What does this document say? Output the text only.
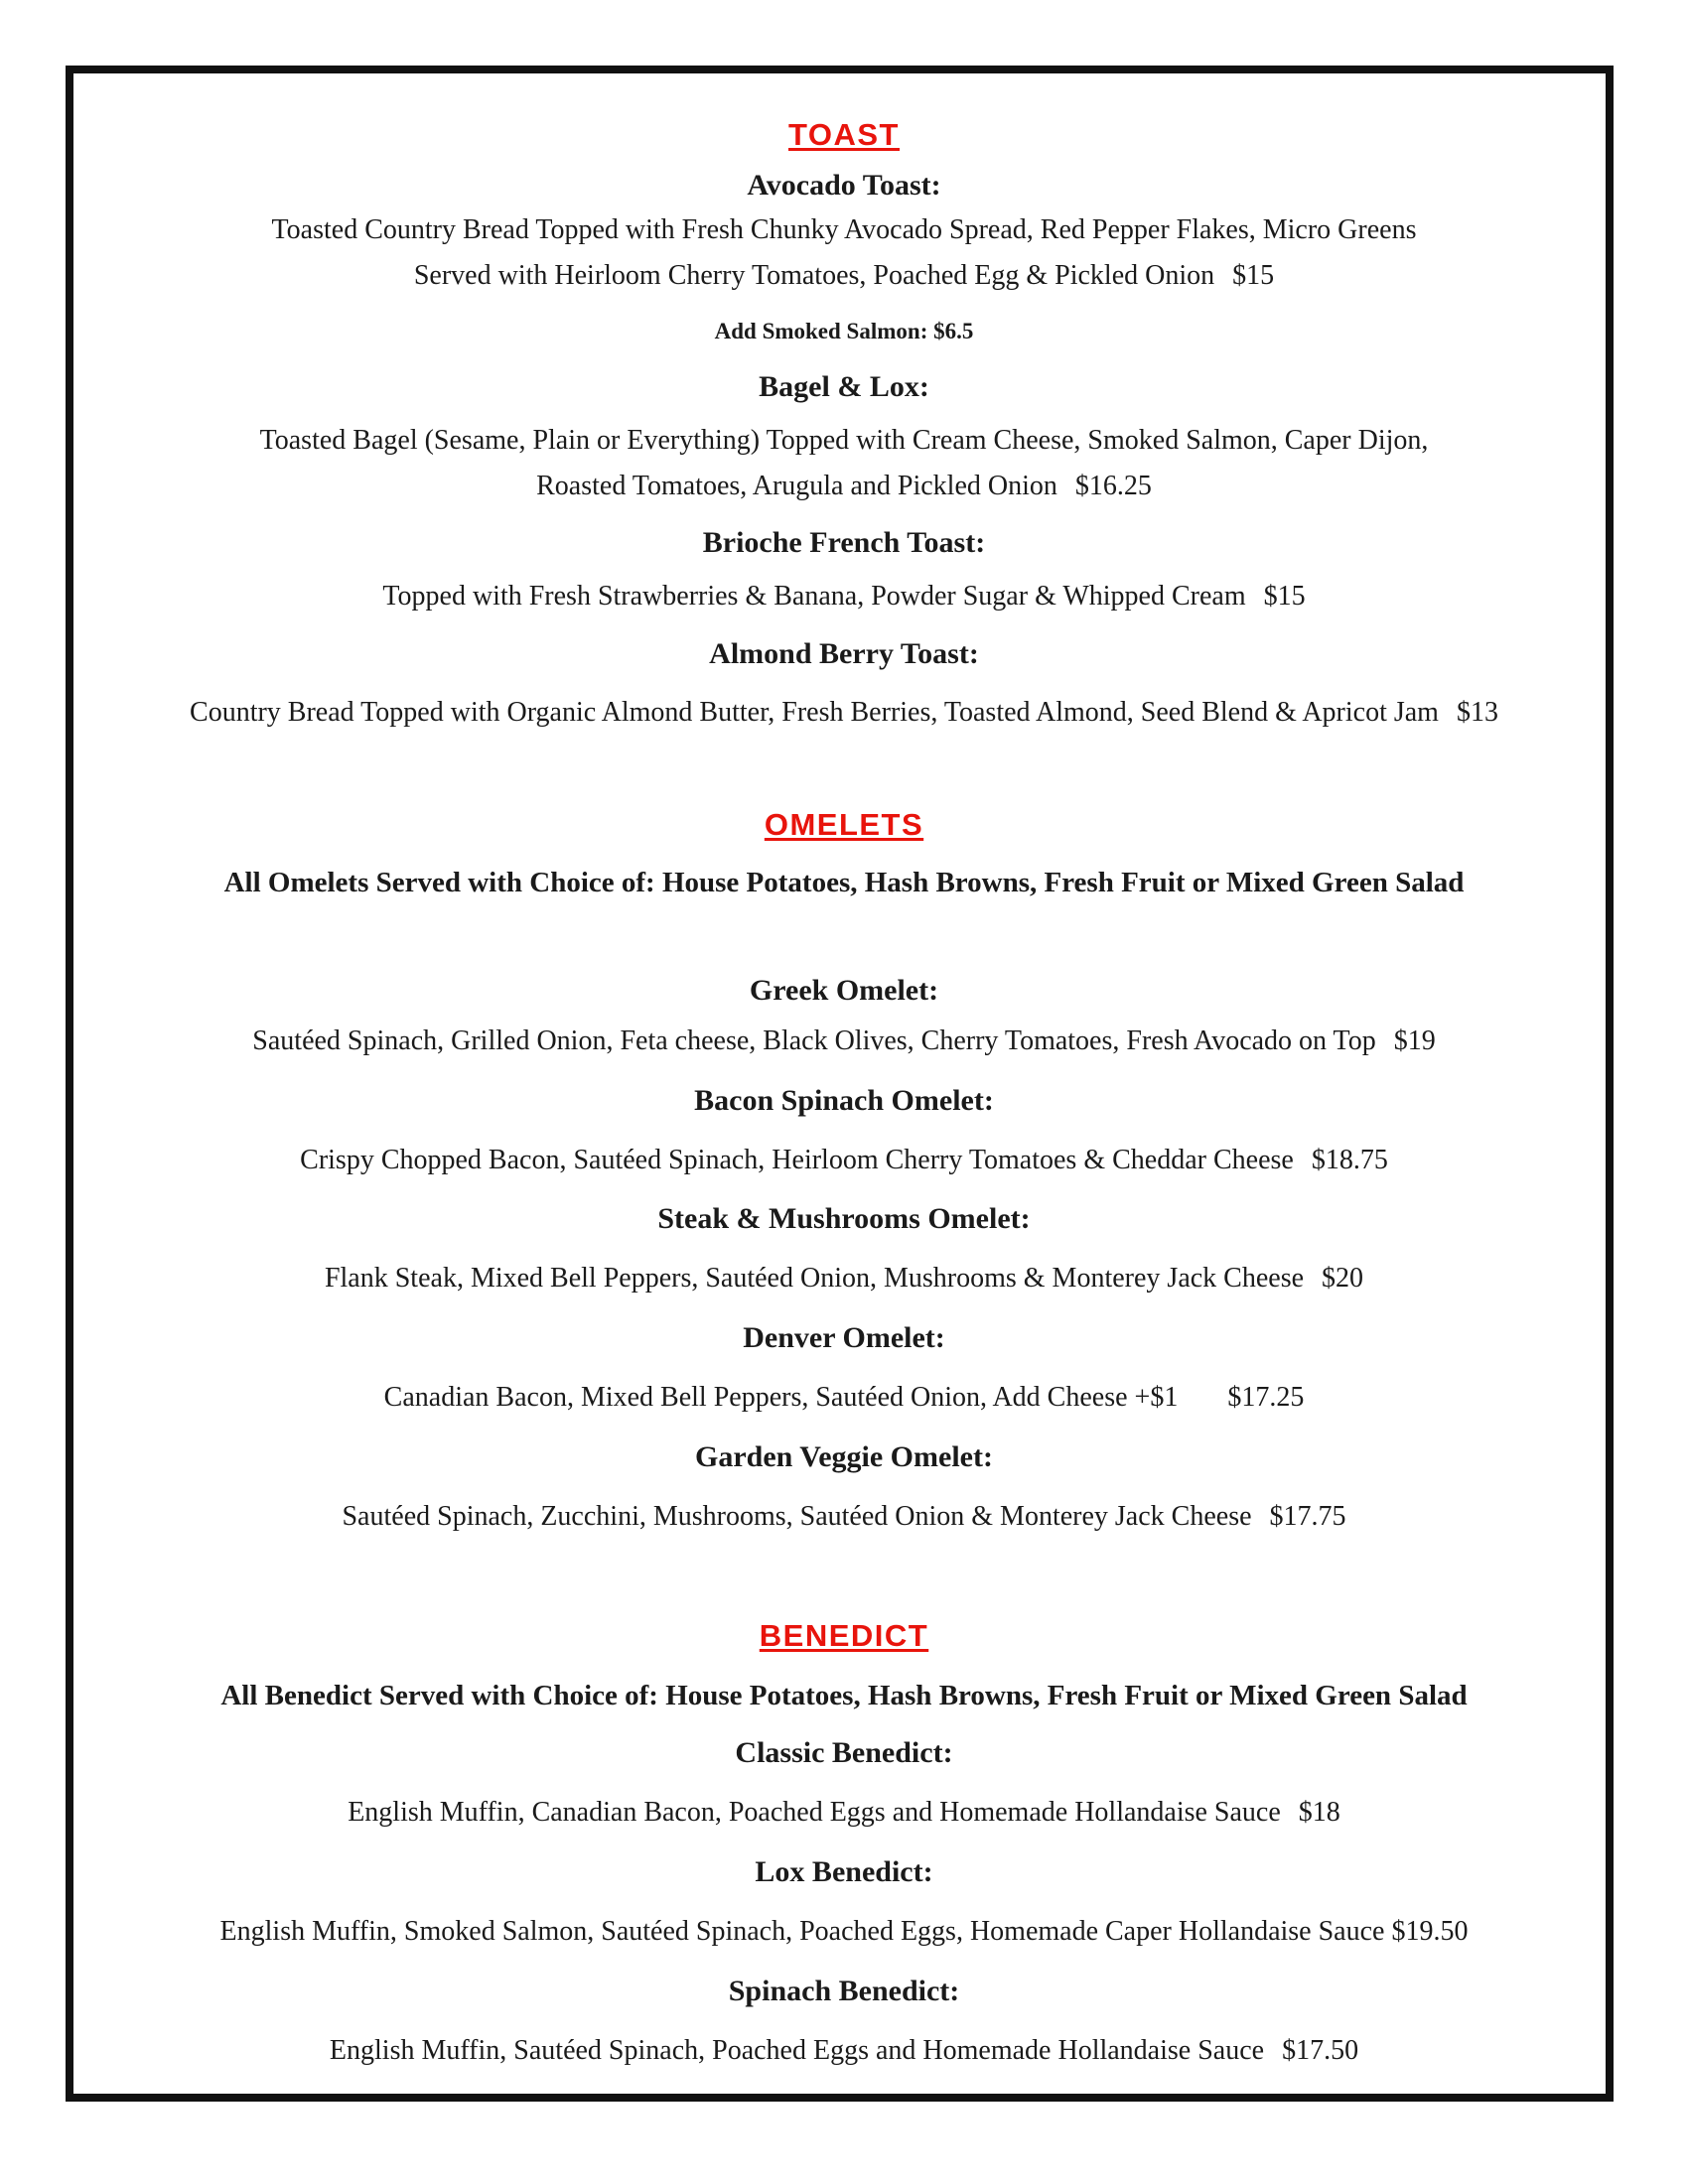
TOAST
Avocado Toast:
Toasted Country Bread Topped with Fresh Chunky Avocado Spread, Red Pepper Flakes, Micro Greens
Served with Heirloom Cherry Tomatoes, Poached Egg & Pickled Onion $15
Add Smoked Salmon: $6.5
Bagel & Lox:
Toasted Bagel (Sesame, Plain or Everything) Topped with Cream Cheese, Smoked Salmon, Caper Dijon,
Roasted Tomatoes, Arugula and Pickled Onion $16.25
Brioche French Toast:
Topped with Fresh Strawberries & Banana, Powder Sugar & Whipped Cream $15
Almond Berry Toast:
Country Bread Topped with Organic Almond Butter, Fresh Berries, Toasted Almond, Seed Blend & Apricot Jam $13
OMELETS
All Omelets Served with Choice of: House Potatoes, Hash Browns, Fresh Fruit or Mixed Green Salad
Greek Omelet:
Sautéed Spinach, Grilled Onion, Feta cheese, Black Olives, Cherry Tomatoes, Fresh Avocado on Top $19
Bacon Spinach Omelet:
Crispy Chopped Bacon, Sautéed Spinach, Heirloom Cherry Tomatoes & Cheddar Cheese $18.75
Steak & Mushrooms Omelet:
Flank Steak, Mixed Bell Peppers, Sautéed Onion, Mushrooms & Monterey Jack Cheese $20
Denver Omelet:
Canadian Bacon, Mixed Bell Peppers, Sautéed Onion, Add Cheese +$1 $17.25
Garden Veggie Omelet:
Sautéed Spinach, Zucchini, Mushrooms, Sautéed Onion & Monterey Jack Cheese $17.75
BENEDICT
All Benedict Served with Choice of: House Potatoes, Hash Browns, Fresh Fruit or Mixed Green Salad
Classic Benedict:
English Muffin, Canadian Bacon, Poached Eggs and Homemade Hollandaise Sauce $18
Lox Benedict:
English Muffin, Smoked Salmon, Sautéed Spinach, Poached Eggs, Homemade Caper Hollandaise Sauce $19.50
Spinach Benedict:
English Muffin, Sautéed Spinach, Poached Eggs and Homemade Hollandaise Sauce $17.50
